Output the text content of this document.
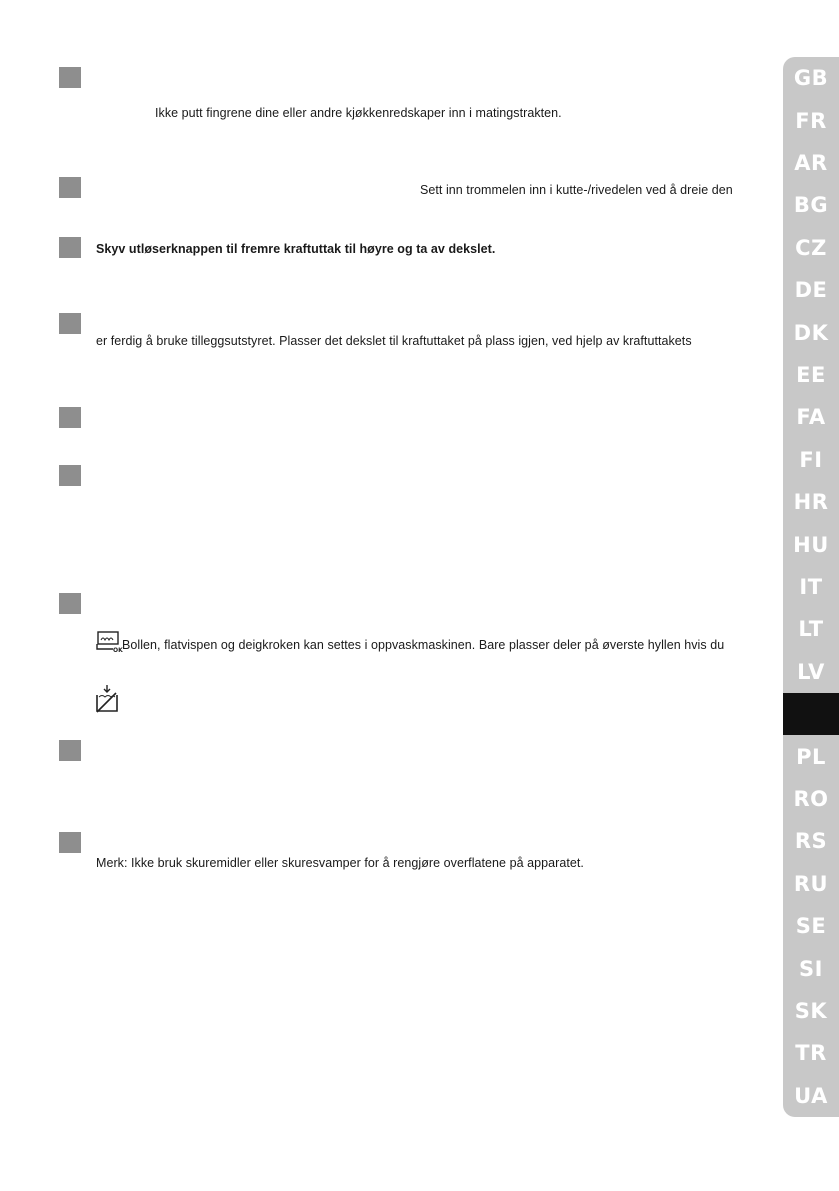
Ikke putt fingrene dine eller andre kjøkkenredskaper inn i matingstrakten.
Sett inn trommelen inn i kutte-/rivedelen ved å dreie den
Skyv utløserknappen til fremre kraftuttak til høyre og ta av dekslet.
er ferdig å bruke tilleggsutstyret. Plasser det dekslet til kraftuttaket på plass igjen, ved hjelp av kraftuttakets
OK Bollen, flatvispen og deigkroken kan settes i oppvaskmaskinen. Bare plasser deler på øverste hyllen hvis du
Merk: Ikke bruk skuremidler eller skuresvamper for å rengjøre overflatene på apparatet.
GB
FR
AR
BG
CZ
DE
DK
EE
FA
FI
HR
HU
IT
LT
LV
PL
RO
RS
RU
SE
SI
SK
TR
UA
